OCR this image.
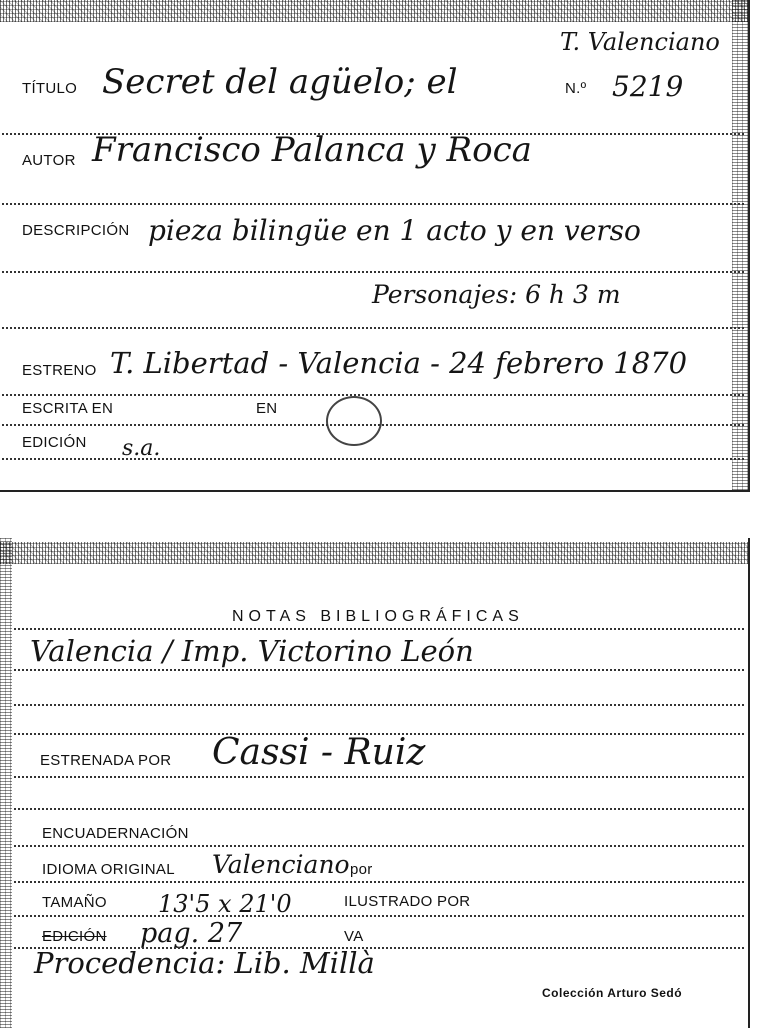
T. Valenciano
TÍTULO Secret del agüelo; el	N.º 5219
AUTOR Francisco Palanca y Roca
DESCRIPCIÓN pieza bilingüe en 1 acto y en verso
Personajes: 6 h 3 m
ESTRENO T. Libertad - Valencia - 24 febrero 1870
ESCRITA EN	EN
EDICIÓN s.a.
NOTAS BIBLIOGRÁFICAS
Valencia / Imp. Victorino León
ESTRENADA POR Cassi - Ruiz
ENCUADERNACIÓN
IDIOMA ORIGINAL Valenciano por
TAMAÑO 13'5 x 21'0	ILUSTRADO POR
EDICIÓN pag. 27	VA
Procedencia: Lib. Millà
Colección Arturo Sedó
